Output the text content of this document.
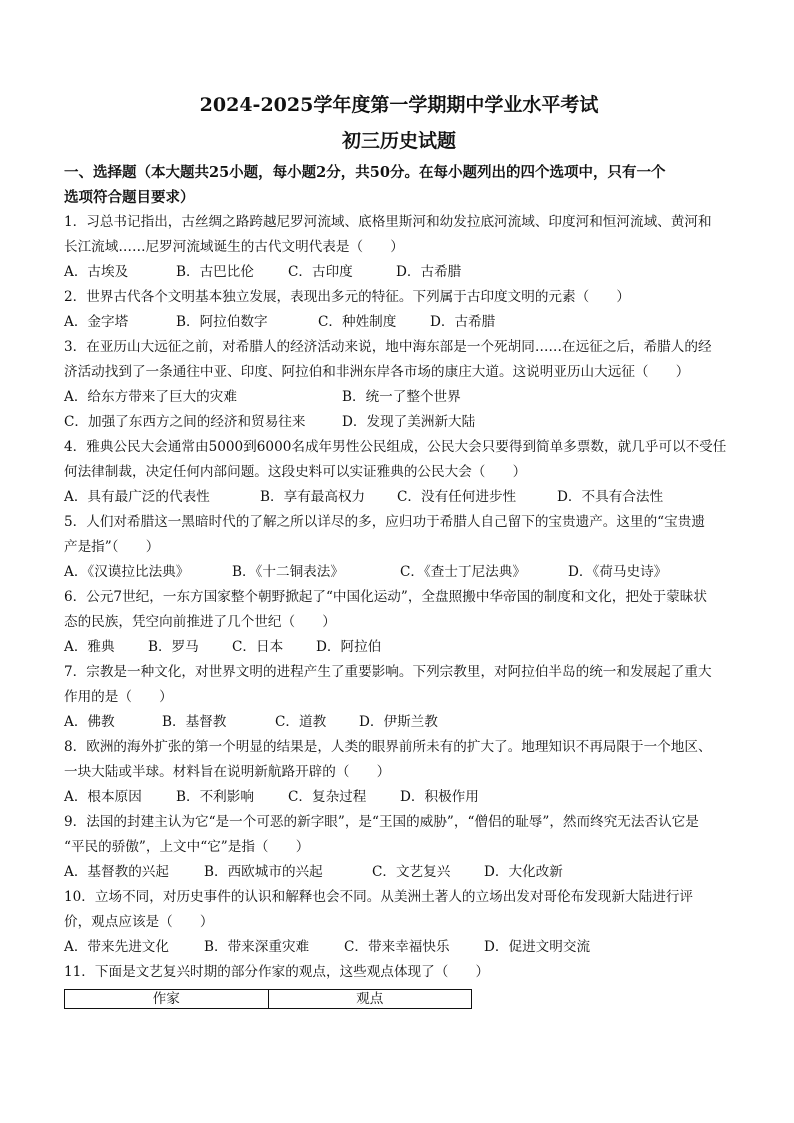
2024-2025学年度第一学期期中学业水平考试

初三历史试题

一、选择题（本大题共25小题，每小题2分，共50分。在每小题列出的四个选项中，只有一个

选项符合题目要求）

1．习总书记指出，古丝绸之路跨越尼罗河流域、底格里斯河和幼发拉底河流域、印度河和恒河流域、黄河和

长江流域……尼罗河流域诞生的古代文明代表是（　　）

A．古埃及	B．古巴比伦	C．古印度	D．古希腊

2．世界古代各个文明基本独立发展，表现出多元的特征。下列属于古印度文明的元素（　　）

A．金字塔	B．阿拉伯数字	C．种姓制度	D．古希腊

3．在亚历山大远征之前，对希腊人的经济活动来说，地中海东部是一个死胡同……在远征之后，希腊人的经

济活动找到了一条通往中亚、印度、阿拉伯和非洲东岸各市场的康庄大道。这说明亚历山大远征（　　）

A．给东方带来了巨大的灾难	B．统一了整个世界
C．加强了东西方之间的经济和贸易往来	D．发现了美洲新大陆

4．雅典公民大会通常由5000到6000名成年男性公民组成，公民大会只要得到简单多票数，就几乎可以不受任

何法律制裁，决定任何内部问题。这段史料可以实证雅典的公民大会（　　）

A．具有最广泛的代表性	B．享有最高权力	C．没有任何进步性	D．不具有合法性

5．人们对希腊这一黑暗时代的了解之所以详尽的多，应归功于希腊人自己留下的宝贵遗产。这里的“宝贵遗

产是指”（　　）

A．《汉谟拉比法典》	B．《十二铜表法》	C．《查士丁尼法典》	D．《荷马史诗》

6．公元7世纪，一东方国家整个朝野掀起了“中国化运动”，全盘照搬中华帝国的制度和文化，把处于蒙昧状

态的民族，凭空向前推进了几个世纪（　　）

A．雅典	B．罗马	C．日本	D．阿拉伯

7．宗教是一种文化，对世界文明的进程产生了重要影响。下列宗教里，对阿拉伯半岛的统一和发展起了重大

作用的是（　　）

A．佛教	B．基督教	C．道教	D．伊斯兰教

8．欧洲的海外扩张的第一个明显的结果是，人类的眼界前所未有的扩大了。地理知识不再局限于一个地区、

一块大陆或半球。材料旨在说明新航路开辟的（　　）

A．根本原因	B．不利影响	C．复杂过程	D．积极作用

9．法国的封建主认为它“是一个可恶的新字眼”，是“王国的威胁”，“僧侣的耻辱”，然而终究无法否认它是

“平民的骄傲”，上文中“它”是指（　　）

A．基督教的兴起	B．西欧城市的兴起	C．文艺复兴	D．大化改新

10．立场不同，对历史事件的认识和解释也会不同。从美洲土著人的立场出发对哥伦布发现新大陆进行评

价，观点应该是（　　）

A．带来先进文化	B．带来深重灾难	C．带来幸福快乐	D．促进文明交流

11．下面是文艺复兴时期的部分作家的观点，这些观点体现了（　　）

作家	观点
